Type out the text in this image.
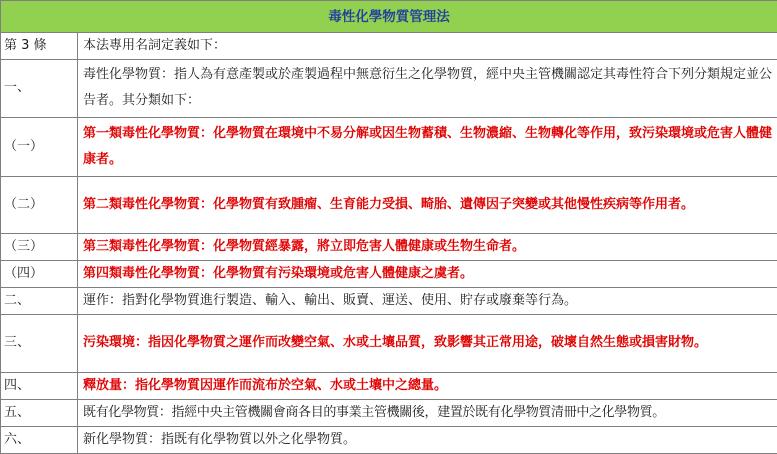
毒性化學物質管理法	
第 3 條	本法專用名詞定義如下：
一、	毒性化學物質：指人為有意產製或於產製過程中無意衍生之化學物質，經中央主管機關認定其毒性符合下列分類規定並公告者。其分類如下：
（一）	第一類毒性化學物質：化學物質在環境中不易分解或因生物蓄積、生物濃縮、生物轉化等作用，致污染環境或危害人體健康者。
（二）	第二類毒性化學物質：化學物質有致腫瘤、生育能力受損、畸胎、遺傳因子突變或其他慢性疾病等作用者。
（三）	第三類毒性化學物質：化學物質經暴露，將立即危害人體健康或生物生命者。
（四）	第四類毒性化學物質：化學物質有污染環境或危害人體健康之虞者。
二、	運作：指對化學物質進行製造、輸入、輸出、販賣、運送、使用、貯存或廢棄等行為。
三、	污染環境：指因化學物質之運作而改變空氣、水或土壤品質，致影響其正常用途，破壞自然生態或損害財物。
四、	釋放量：指化學物質因運作而流布於空氣、水或土壤中之總量。
五、	既有化學物質：指經中央主管機關會商各目的事業主管機關後，建置於既有化學物質清冊中之化學物質。
六、	新化學物質：指既有化學物質以外之化學物質。
